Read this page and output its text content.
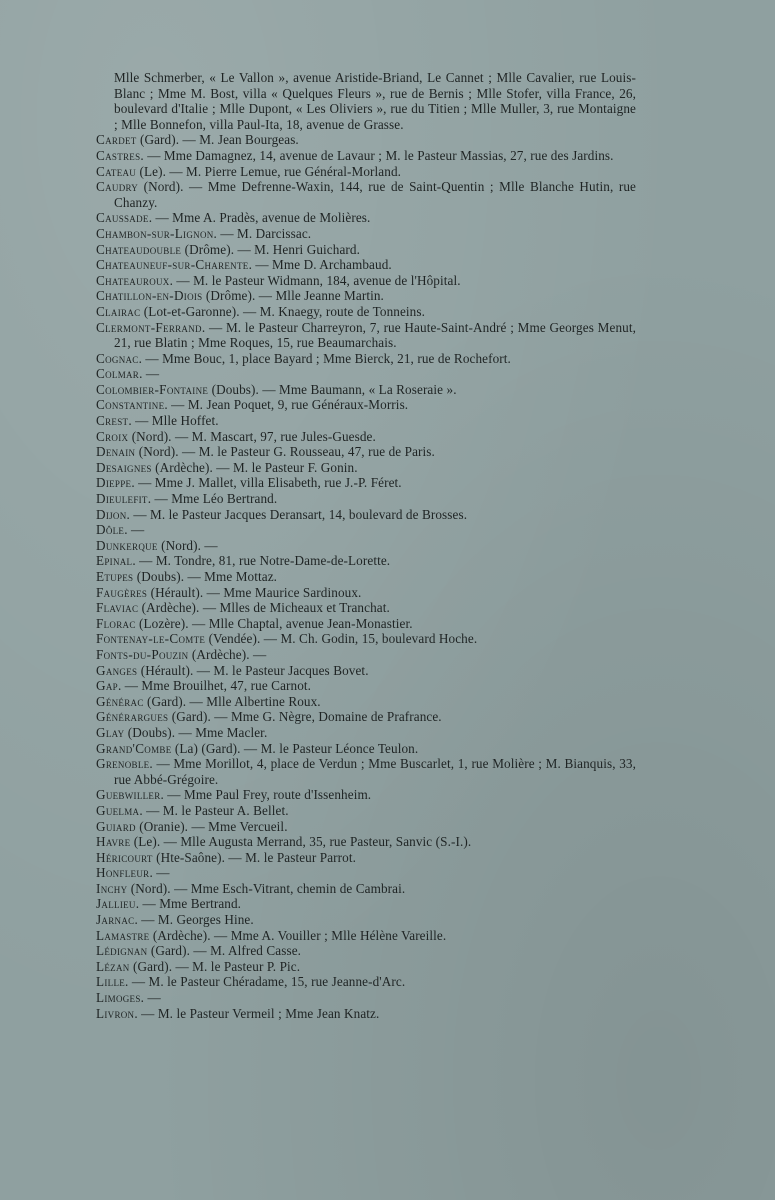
Mlle Schmerber, « Le Vallon », avenue Aristide-Briand, Le Cannet ; Mlle Cavalier, rue Louis-Blanc ; Mme M. Bost, villa « Quelques Fleurs », rue de Bernis ; Mlle Stofer, villa France, 26, boulevard d'Italie ; Mlle Dupont, « Les Oliviers », rue du Titien ; Mlle Muller, 3, rue Montaigne ; Mlle Bonnefon, villa Paul-Ita, 18, avenue de Grasse.

Cardet (Gard). — M. Jean Bourgeas.

Castres. — Mme Damagnez, 14, avenue de Lavaur ; M. le Pasteur Massias, 27, rue des Jardins.

Cateau (Le). — M. Pierre Lemue, rue Général-Morland.

Caudry (Nord). — Mme Defrenne-Waxin, 144, rue de Saint-Quentin ; Mlle Blanche Hutin, rue Chanzy.

Caussade. — Mme A. Pradès, avenue de Molières.

Chambon-sur-Lignon. — M. Darcissac.

Chateaudouble (Drôme). — M. Henri Guichard.

Chateauneuf-sur-Charente. — Mme D. Archambaud.

Chateauroux. — M. le Pasteur Widmann, 184, avenue de l'Hôpital.

Chatillon-en-Diois (Drôme). — Mlle Jeanne Martin.

Clairac (Lot-et-Garonne). — M. Knaegy, route de Tonneins.

Clermont-Ferrand. — M. le Pasteur Charreyron, 7, rue Haute-Saint-André ; Mme Georges Menut, 21, rue Blatin ; Mme Roques, 15, rue Beaumarchais.

Cognac. — Mme Bouc, 1, place Bayard ; Mme Bierck, 21, rue de Rochefort.

Colmar. —

Colombier-Fontaine (Doubs). — Mme Baumann, « La Roseraie ».

Constantine. — M. Jean Poquet, 9, rue Généraux-Morris.

Crest. — Mlle Hoffet.

Croix (Nord). — M. Mascart, 97, rue Jules-Guesde.

Denain (Nord). — M. le Pasteur G. Rousseau, 47, rue de Paris.

Desaignes (Ardèche). — M. le Pasteur F. Gonin.

Dieppe. — Mme J. Mallet, villa Elisabeth, rue J.-P. Féret.

Dieulefit. — Mme Léo Bertrand.

Dijon. — M. le Pasteur Jacques Deransart, 14, boulevard de Brosses.

Dôle. —

Dunkerque (Nord). —

Epinal. — M. Tondre, 81, rue Notre-Dame-de-Lorette.

Etupes (Doubs). — Mme Mottaz.

Faugères (Hérault). — Mme Maurice Sardinoux.

Flaviac (Ardèche). — Mlles de Micheaux et Tranchat.

Florac (Lozère). — Mlle Chaptal, avenue Jean-Monastier.

Fontenay-le-Comte (Vendée). — M. Ch. Godin, 15, boulevard Hoche.

Fonts-du-Pouzin (Ardèche). —

Ganges (Hérault). — M. le Pasteur Jacques Bovet.

Gap. — Mme Brouilhet, 47, rue Carnot.

Générac (Gard). — Mlle Albertine Roux.

Générargues (Gard). — Mme G. Nègre, Domaine de Prafrance.

Glay (Doubs). — Mme Macler.

Grand'Combe (La) (Gard). — M. le Pasteur Léonce Teulon.

Grenoble. — Mme Morillot, 4, place de Verdun ; Mme Buscarlet, 1, rue Molière ; M. Bianquis, 33, rue Abbé-Grégoire.

Guebwiller. — Mme Paul Frey, route d'Issenheim.

Guelma. — M. le Pasteur A. Bellet.

Guiard (Oranie). — Mme Vercueil.

Havre (Le). — Mlle Augusta Merrand, 35, rue Pasteur, Sanvic (S.-I.).

Héricourt (Hte-Saône). — M. le Pasteur Parrot.

Honfleur. —

Inchy (Nord). — Mme Esch-Vitrant, chemin de Cambrai.

Jallieu. — Mme Bertrand.

Jarnac. — M. Georges Hine.

Lamastre (Ardèche). — Mme A. Vouiller ; Mlle Hélène Vareille.

Lédignan (Gard). — M. Alfred Casse.

Lézan (Gard). — M. le Pasteur P. Pic.

Lille. — M. le Pasteur Chéradame, 15, rue Jeanne-d'Arc.

Limoges. —

Livron. — M. le Pasteur Vermeil ; Mme Jean Knatz.
